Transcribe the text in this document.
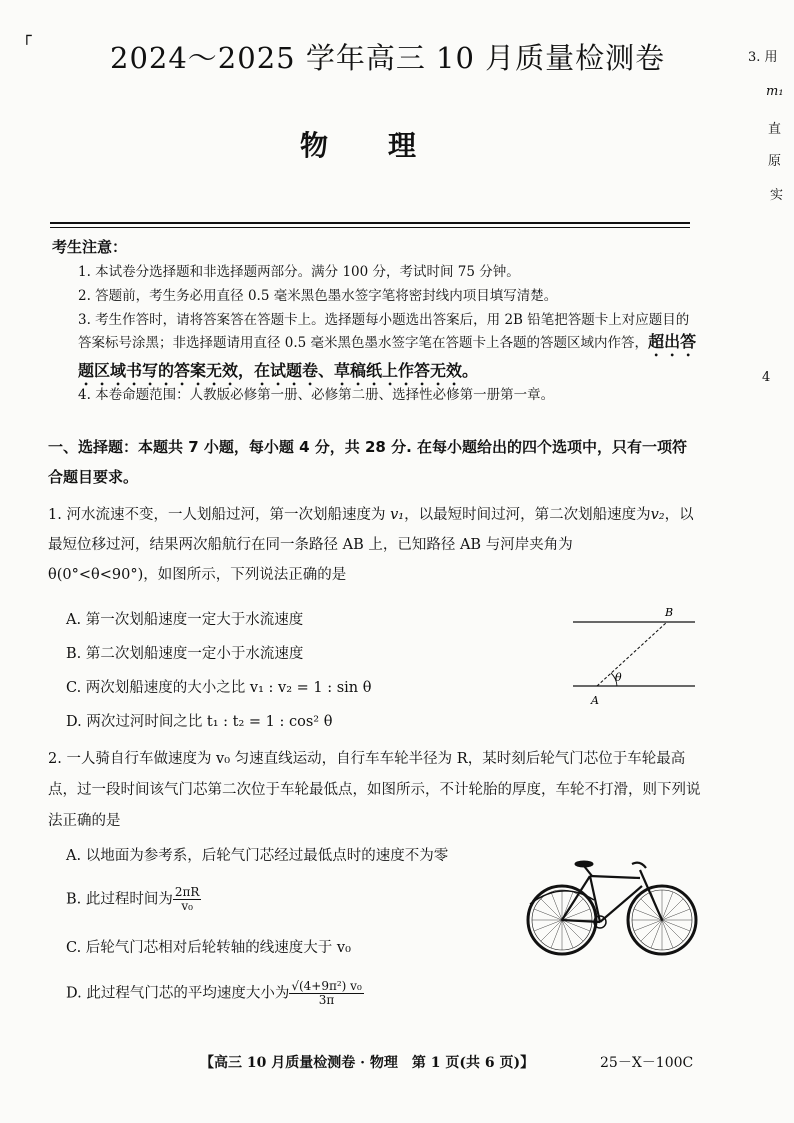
┌
2024～2025 学年高三 10 月质量检测卷
物理
3. 用
m₁
直
原
实
4
考生注意：
1. 本试卷分选择题和非选择题两部分。满分 100 分，考试时间 75 分钟。
2. 答题前，考生务必用直径 0.5 毫米黑色墨水签字笔将密封线内项目填写清楚。
3. 考生作答时，请将答案答在答题卡上。选择题每小题选出答案后，用 2B 铅笔把答题卡上对应题目的答案标号涂黑；非选择题请用直径 0.5 毫米黑色墨水签字笔在答题卡上各题的答题区域内作答，超出答题区域书写的答案无效，在试题卷、草稿纸上作答无效。
4. 本卷命题范围：人教版必修第一册、必修第二册、选择性必修第一册第一章。
一、选择题：本题共 7 小题，每小题 4 分，共 28 分. 在每小题给出的四个选项中，只有一项符合题目要求。
1. 河水流速不变，一人划船过河，第一次划船速度为 v₁，以最短时间过河，第二次划船速度为v₂，以最短位移过河，结果两次船航行在同一条路径 AB 上，已知路径 AB 与河岸夹角为
θ(0°<θ<90°)，如图所示，下列说法正确的是
A. 第一次划船速度一定大于水流速度
B. 第二次划船速度一定小于水流速度
C. 两次划船速度的大小之比 v₁ : v₂ = 1 : sin θ
D. 两次过河时间之比 t₁ : t₂ = 1 : cos² θ
θ
A
B
2. 一人骑自行车做速度为 v₀ 匀速直线运动，自行车车轮半径为 R，某时刻后轮气门芯位于车轮最高点，过一段时间该气门芯第二次位于车轮最低点，如图所示，不计轮胎的厚度，车轮不打滑，则下列说法正确的是
A. 以地面为参考系，后轮气门芯经过最低点时的速度不为零
B. 此过程时间为 $\frac{2\pi R}{\text{v₀}}$
C. 后轮气门芯相对后轮转轴的线速度大于 v₀
D. 此过程气门芯的平均速度大小为 $\frac{\text{√(4+9π²) v₀}}{3\pi}$
【高三 10 月质量检测卷 · 物理　第 1 页(共 6 页)】	25－X－100C
